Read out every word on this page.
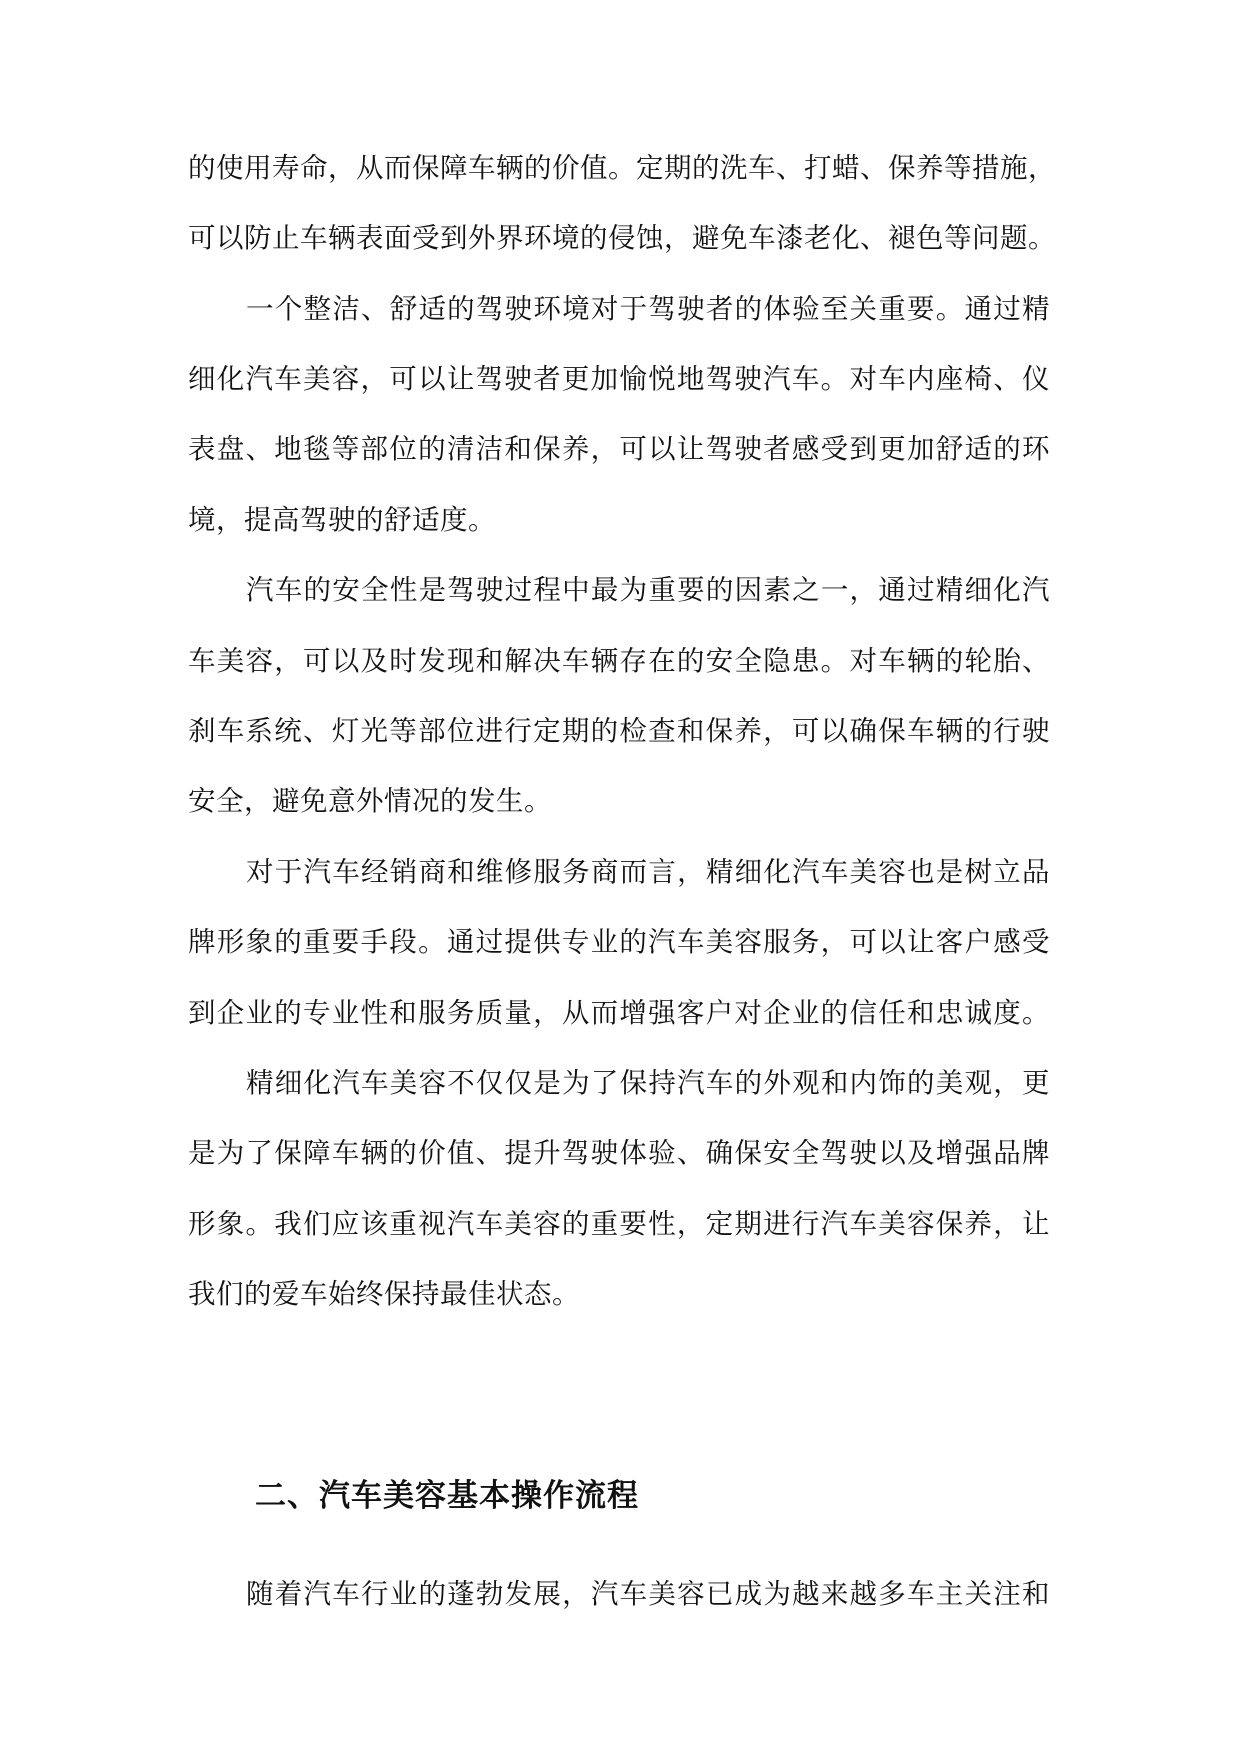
的使用寿命，从而保障车辆的价值。定期的洗车、打蜡、保养等措施，
可以防止车辆表面受到外界环境的侵蚀，避免车漆老化、褪色等问题。
一个整洁、舒适的驾驶环境对于驾驶者的体验至关重要。通过精
细化汽车美容，可以让驾驶者更加愉悦地驾驶汽车。对车内座椅、仪
表盘、地毯等部位的清洁和保养，可以让驾驶者感受到更加舒适的环
境，提高驾驶的舒适度。
汽车的安全性是驾驶过程中最为重要的因素之一，通过精细化汽
车美容，可以及时发现和解决车辆存在的安全隐患。对车辆的轮胎、
刹车系统、灯光等部位进行定期的检查和保养，可以确保车辆的行驶
安全，避免意外情况的发生。
对于汽车经销商和维修服务商而言，精细化汽车美容也是树立品
牌形象的重要手段。通过提供专业的汽车美容服务，可以让客户感受
到企业的专业性和服务质量，从而增强客户对企业的信任和忠诚度。
精细化汽车美容不仅仅是为了保持汽车的外观和内饰的美观，更
是为了保障车辆的价值、提升驾驶体验、确保安全驾驶以及增强品牌
形象。我们应该重视汽车美容的重要性，定期进行汽车美容保养，让
我们的爱车始终保持最佳状态。
二、汽车美容基本操作流程
随着汽车行业的蓬勃发展，汽车美容已成为越来越多车主关注和
